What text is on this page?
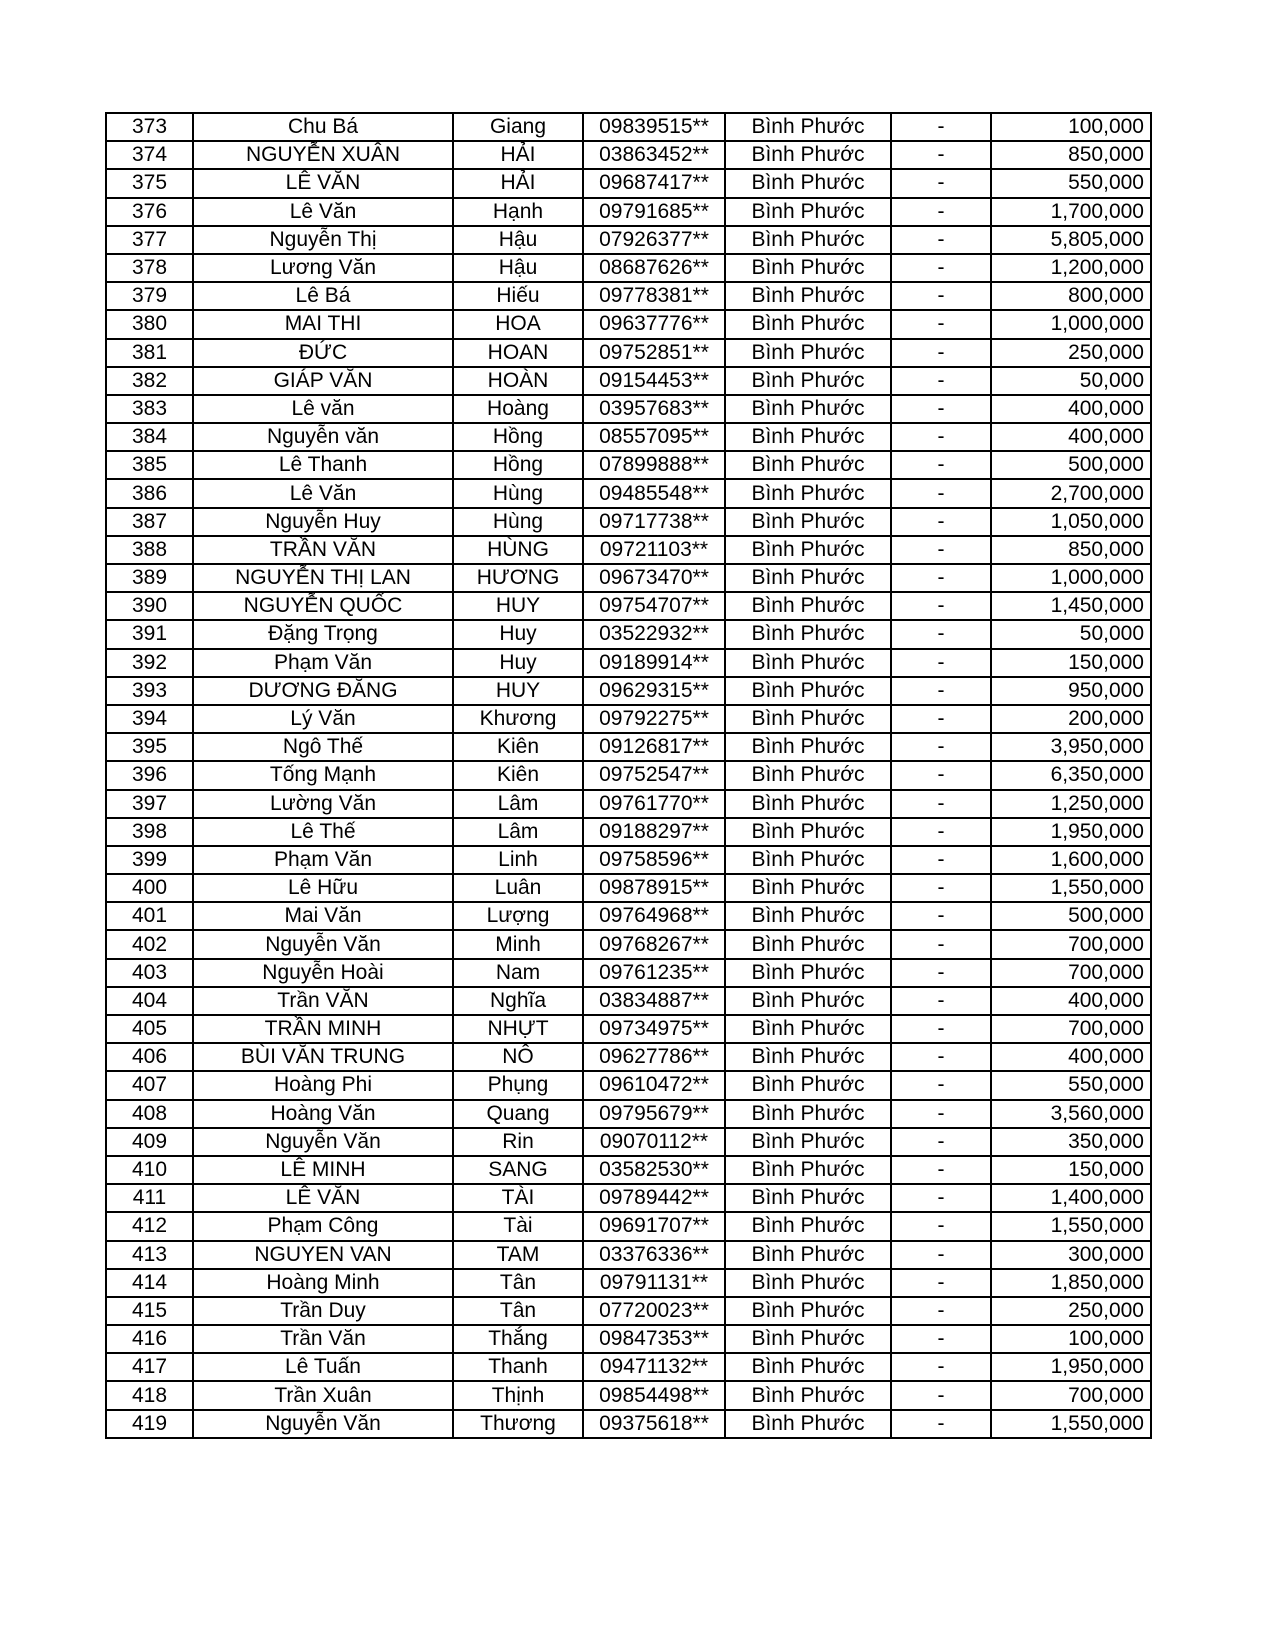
373	Chu Bá	Giang	09839515**	Bình Phước	-	100,000
374	NGUYỄN XUÂN	HẢI	03863452**	Bình Phước	-	850,000
375	LÊ VĂN	HẢI	09687417**	Bình Phước	-	550,000
376	Lê Văn	Hạnh	09791685**	Bình Phước	-	1,700,000
377	Nguyễn Thị	Hậu	07926377**	Bình Phước	-	5,805,000
378	Lương Văn	Hậu	08687626**	Bình Phước	-	1,200,000
379	Lê Bá	Hiếu	09778381**	Bình Phước	-	800,000
380	MAI THI	HOA	09637776**	Bình Phước	-	1,000,000
381	ĐỨC	HOAN	09752851**	Bình Phước	-	250,000
382	GIÁP VĂN	HOÀN	09154453**	Bình Phước	-	50,000
383	Lê văn	Hoàng	03957683**	Bình Phước	-	400,000
384	Nguyễn văn	Hồng	08557095**	Bình Phước	-	400,000
385	Lê Thanh	Hồng	07899888**	Bình Phước	-	500,000
386	Lê Văn	Hùng	09485548**	Bình Phước	-	2,700,000
387	Nguyễn Huy	Hùng	09717738**	Bình Phước	-	1,050,000
388	TRẦN VĂN	HÙNG	09721103**	Bình Phước	-	850,000
389	NGUYỄN THỊ LAN	HƯƠNG	09673470**	Bình Phước	-	1,000,000
390	NGUYỄN QUỐC	HUY	09754707**	Bình Phước	-	1,450,000
391	Đặng Trọng	Huy	03522932**	Bình Phước	-	50,000
392	Phạm Văn	Huy	09189914**	Bình Phước	-	150,000
393	DƯƠNG ĐĂNG	HUY	09629315**	Bình Phước	-	950,000
394	Lý Văn	Khương	09792275**	Bình Phước	-	200,000
395	Ngô Thế	Kiên	09126817**	Bình Phước	-	3,950,000
396	Tống Mạnh	Kiên	09752547**	Bình Phước	-	6,350,000
397	Lường Văn	Lâm	09761770**	Bình Phước	-	1,250,000
398	Lê Thế	Lâm	09188297**	Bình Phước	-	1,950,000
399	Phạm Văn	Linh	09758596**	Bình Phước	-	1,600,000
400	Lê Hữu	Luân	09878915**	Bình Phước	-	1,550,000
401	Mai Văn	Lượng	09764968**	Bình Phước	-	500,000
402	Nguyễn Văn	Minh	09768267**	Bình Phước	-	700,000
403	Nguyễn Hoài	Nam	09761235**	Bình Phước	-	700,000
404	Trần VĂN	Nghĩa	03834887**	Bình Phước	-	400,000
405	TRẦN MINH	NHỰT	09734975**	Bình Phước	-	700,000
406	BÙI VĂN TRUNG	NÔ	09627786**	Bình Phước	-	400,000
407	Hoàng Phi	Phụng	09610472**	Bình Phước	-	550,000
408	Hoàng Văn	Quang	09795679**	Bình Phước	-	3,560,000
409	Nguyễn Văn	Rin	09070112**	Bình Phước	-	350,000
410	LÊ MINH	SANG	03582530**	Bình Phước	-	150,000
411	LÊ VĂN	TÀI	09789442**	Bình Phước	-	1,400,000
412	Phạm Công	Tài	09691707**	Bình Phước	-	1,550,000
413	NGUYEN VAN	TAM	03376336**	Bình Phước	-	300,000
414	Hoàng Minh	Tân	09791131**	Bình Phước	-	1,850,000
415	Trần Duy	Tân	07720023**	Bình Phước	-	250,000
416	Trần Văn	Thắng	09847353**	Bình Phước	-	100,000
417	Lê Tuấn	Thanh	09471132**	Bình Phước	-	1,950,000
418	Trần Xuân	Thịnh	09854498**	Bình Phước	-	700,000
419	Nguyễn Văn	Thương	09375618**	Bình Phước	-	1,550,000
